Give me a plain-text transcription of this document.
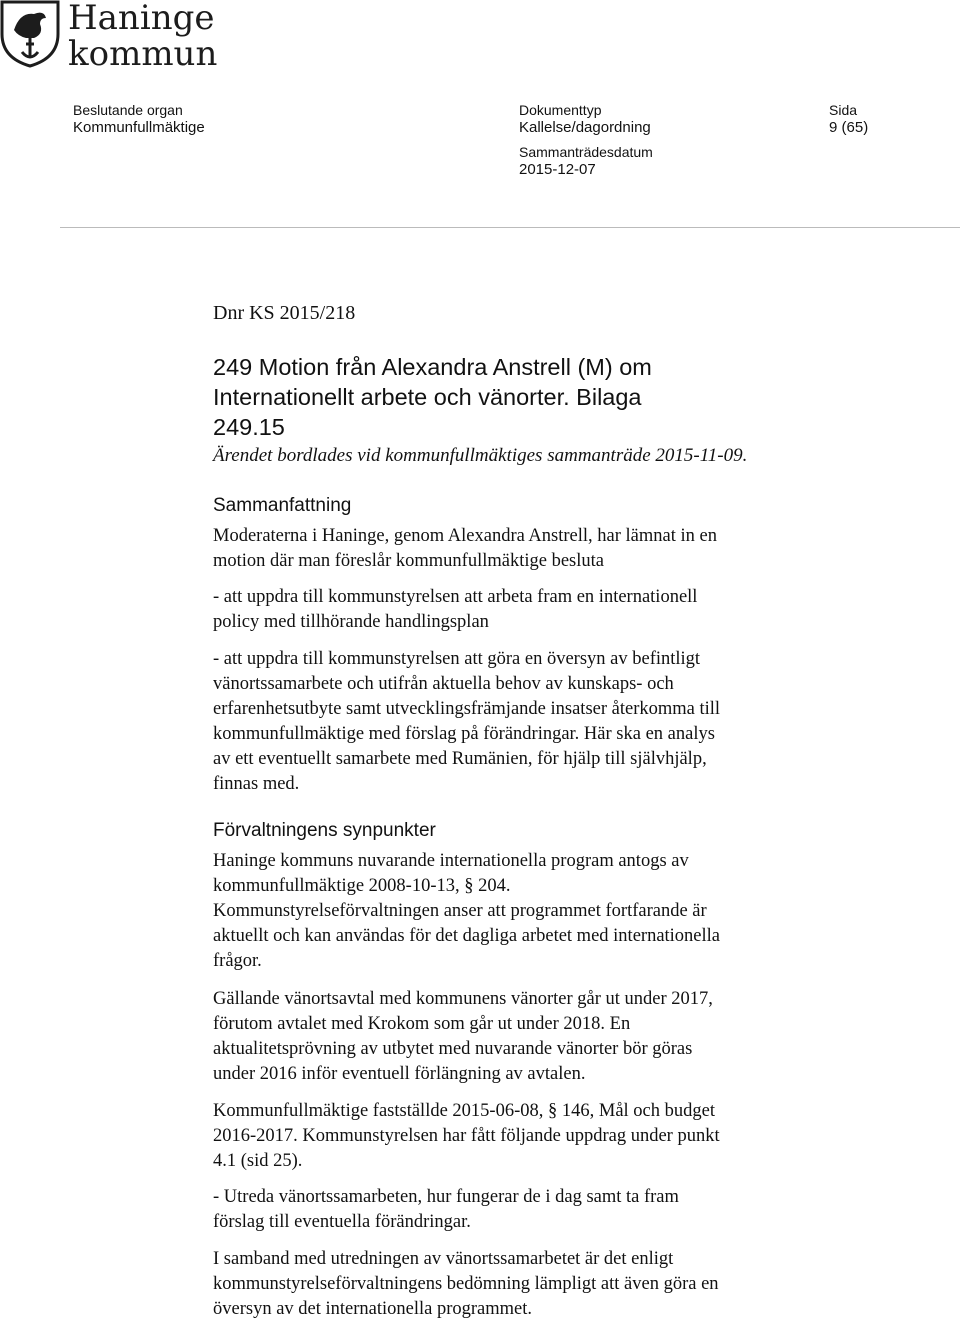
Haninge
kommun
Beslutande organ
Kommunfullmäktige
Dokumenttyp
Kallelse/dagordning
Sammanträdesdatum
2015-12-07
Sida
9 (65)
Dnr KS 2015/218
249 Motion från Alexandra Anstrell (M) om
Internationellt arbete och vänorter. Bilaga
249.15
Ärendet bordlades vid kommunfullmäktiges sammanträde 2015-11-09.
Sammanfattning
Moderaterna i Haninge, genom Alexandra Anstrell, har lämnat in en
motion där man föreslår kommunfullmäktige besluta
- att uppdra till kommunstyrelsen att arbeta fram en internationell
policy med tillhörande handlingsplan
- att uppdra till kommunstyrelsen att göra en översyn av befintligt
vänortssamarbete och utifrån aktuella behov av kunskaps- och
erfarenhetsutbyte samt utvecklingsfrämjande insatser återkomma till
kommunfullmäktige med förslag på förändringar. Här ska en analys
av ett eventuellt samarbete med Rumänien, för hjälp till självhjälp,
finnas med.
Förvaltningens synpunkter
Haninge kommuns nuvarande internationella program antogs av
kommunfullmäktige 2008-10-13, § 204.
Kommunstyrelseförvaltningen anser att programmet fortfarande är
aktuellt och kan användas för det dagliga arbetet med internationella
frågor.
Gällande vänortsavtal med kommunens vänorter går ut under 2017,
förutom avtalet med Krokom som går ut under 2018. En
aktualitetsprövning av utbytet med nuvarande vänorter bör göras
under 2016 inför eventuell förlängning av avtalen.
Kommunfullmäktige fastställde 2015-06-08, § 146, Mål och budget
2016-2017. Kommunstyrelsen har fått följande uppdrag under punkt
4.1 (sid 25).
- Utreda vänortssamarbeten, hur fungerar de i dag samt ta fram
förslag till eventuella förändringar.
I samband med utredningen av vänortssamarbetet är det enligt
kommunstyrelseförvaltningens bedömning lämpligt att även göra en
översyn av det internationella programmet.
